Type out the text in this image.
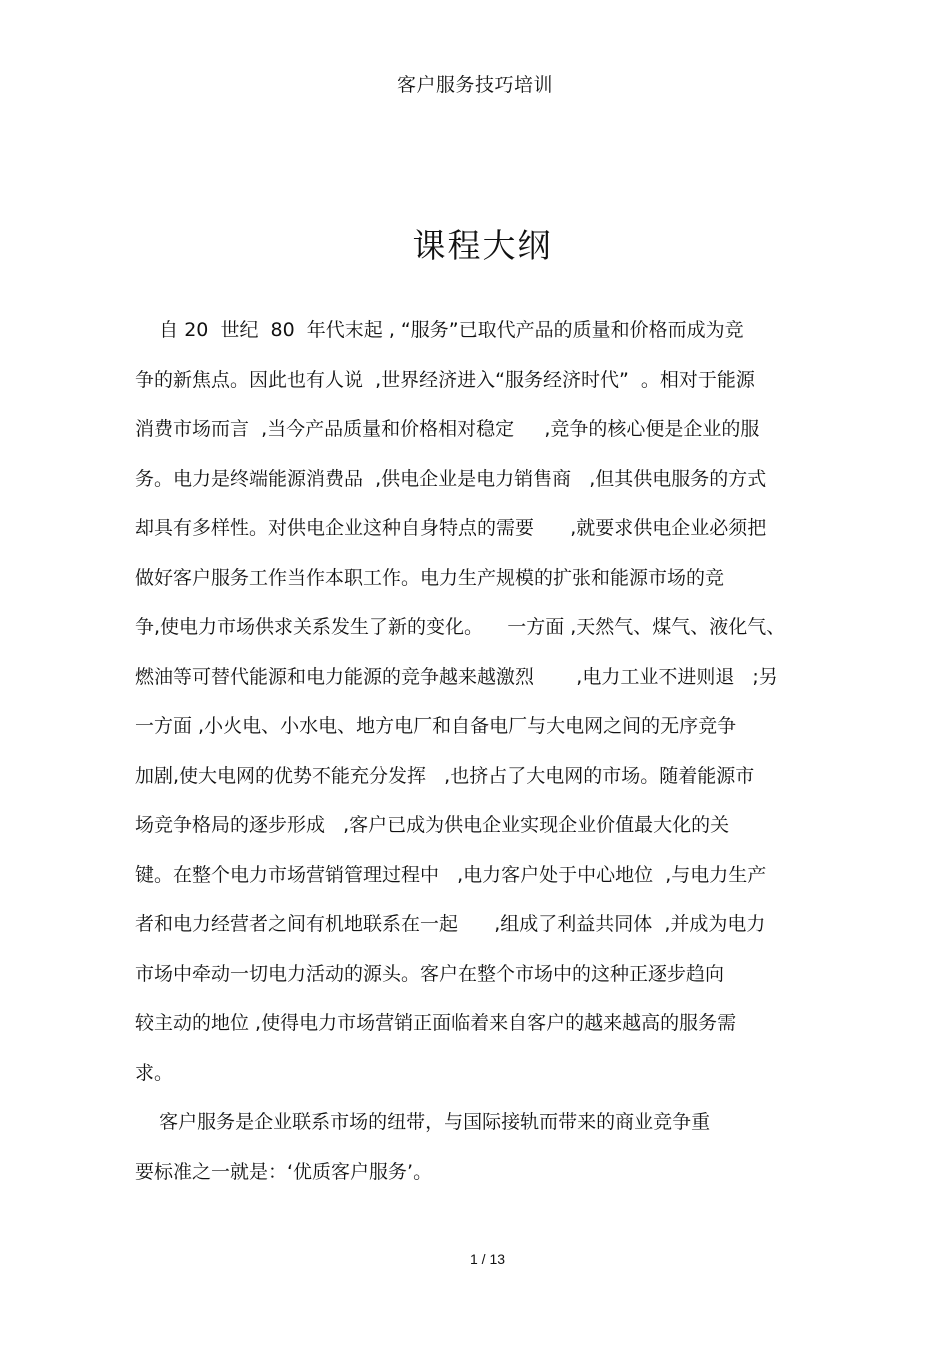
客户服务技巧培训
课程大纲
自 20  世纪  80  年代末起 , “服务”已取代产品的质量和价格而成为竞
争的新焦点。因此也有人说  ,世界经济进入“服务经济时代”  。相对于能源
消费市场而言  ,当今产品质量和价格相对稳定     ,竞争的核心便是企业的服
务。电力是终端能源消费品  ,供电企业是电力销售商   ,但其供电服务的方式
却具有多样性。对供电企业这种自身特点的需要      ,就要求供电企业必须把
做好客户服务工作当作本职工作。电力生产规模的扩张和能源市场的竞
争,使电力市场供求关系发生了新的变化。    一方面 ,天然气、煤气、液化气、
燃油等可替代能源和电力能源的竞争越来越激烈       ,电力工业不进则退   ;另
一方面 ,小火电、小水电、地方电厂和自备电厂与大电网之间的无序竞争
加剧,使大电网的优势不能充分发挥   ,也挤占了大电网的市场。随着能源市
场竞争格局的逐步形成   ,客户已成为供电企业实现企业价值最大化的关
键。在整个电力市场营销管理过程中   ,电力客户处于中心地位  ,与电力生产
者和电力经营者之间有机地联系在一起      ,组成了利益共同体  ,并成为电力
市场中牵动一切电力活动的源头。客户在整个市场中的这种正逐步趋向
较主动的地位 ,使得电力市场营销正面临着来自客户的越来越高的服务需
求。
客户服务是企业联系市场的纽带，与国际接轨而带来的商业竞争重
要标准之一就是：‘优质客户服务’。
1 / 13
